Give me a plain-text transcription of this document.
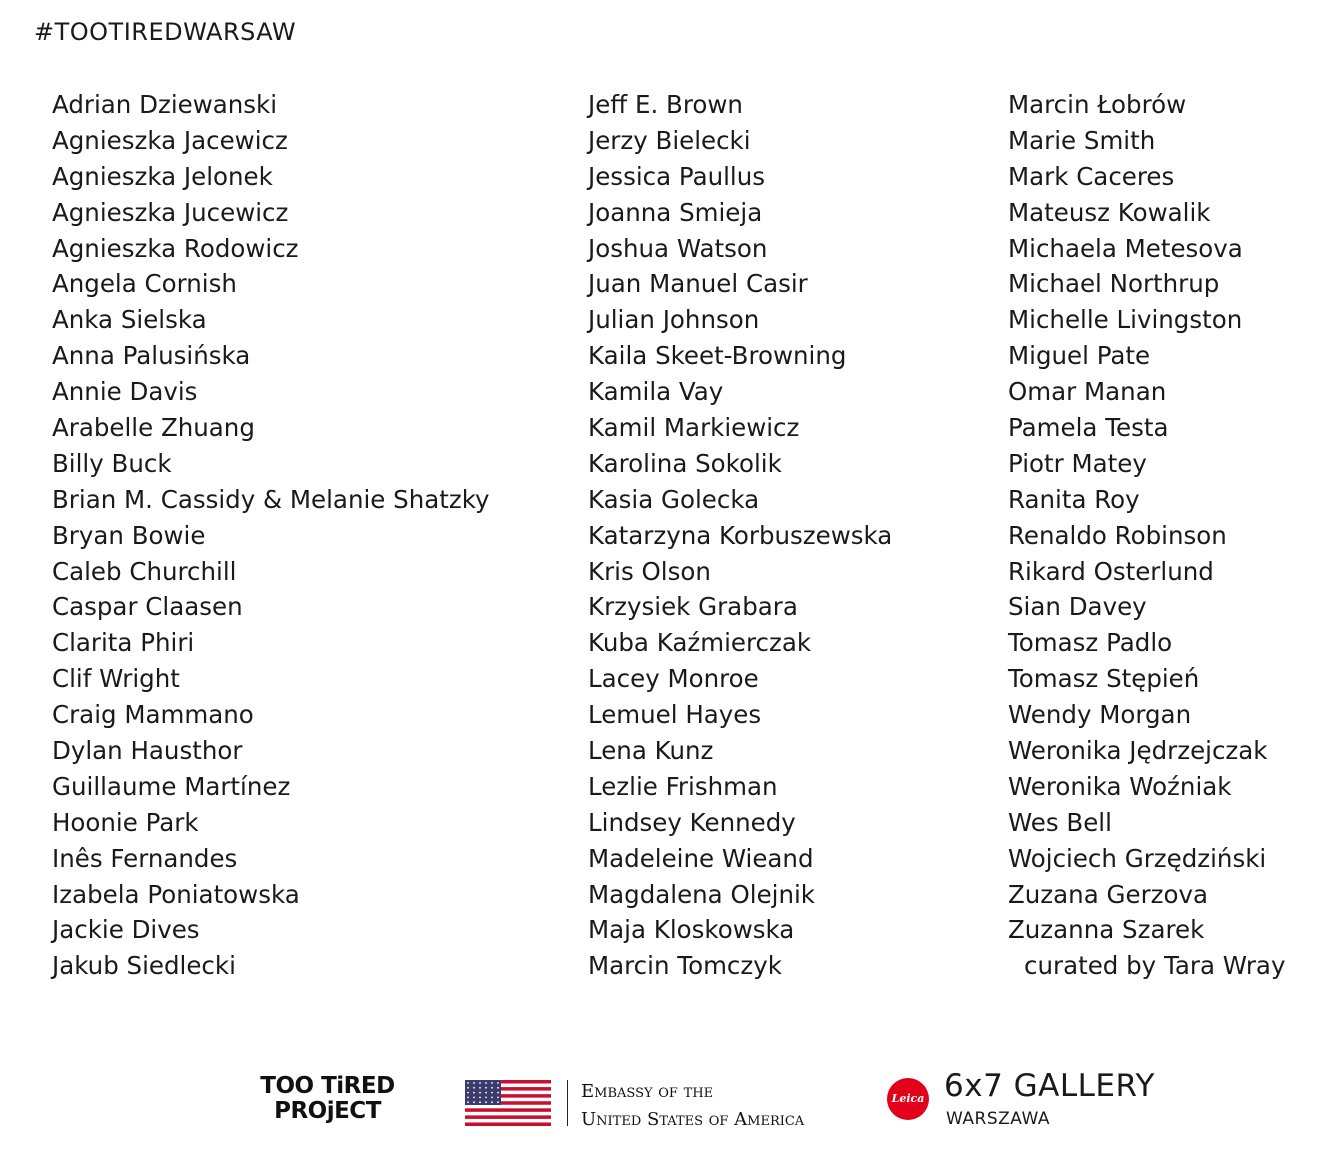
#TOOTIREDWARSAW
Adrian Dziewanski
Agnieszka Jacewicz
Agnieszka Jelonek
Agnieszka Jucewicz
Agnieszka Rodowicz
Angela Cornish
Anka Sielska
Anna Palusińska
Annie Davis
Arabelle Zhuang
Billy Buck
Brian M. Cassidy & Melanie Shatzky
Bryan Bowie
Caleb Churchill
Caspar Claasen
Clarita Phiri
Clif Wright
Craig Mammano
Dylan Hausthor
Guillaume Martínez
Hoonie Park
Inês Fernandes
Izabela Poniatowska
Jackie Dives
Jakub Siedlecki
Jeff E. Brown
Jerzy Bielecki
Jessica Paullus
Joanna Smieja
Joshua Watson
Juan Manuel Casir
Julian Johnson
Kaila Skeet-Browning
Kamila Vay
Kamil Markiewicz
Karolina Sokolik
Kasia Golecka
Katarzyna Korbuszewska
Kris Olson
Krzysiek Grabara
Kuba Kaźmierczak
Lacey Monroe
Lemuel Hayes
Lena Kunz
Lezlie Frishman
Lindsey Kennedy
Madeleine Wieand
Magdalena Olejnik
Maja Kloskowska
Marcin Tomczyk
Marcin Łobrów
Marie Smith
Mark Caceres
Mateusz Kowalik
Michaela Metesova
Michael Northrup
Michelle Livingston
Miguel Pate
Omar Manan
Pamela Testa
Piotr Matey
Ranita Roy
Renaldo Robinson
Rikard Osterlund
Sian Davey
Tomasz Padlo
Tomasz Stępień
Wendy Morgan
Weronika Jędrzejczak
Weronika Woźniak
Wes Bell
Wojciech Grzędziński
Zuzana Gerzova
Zuzanna Szarek
curated by Tara Wray
TOO TiRED
PROjECT
Embassy of the
United States of America
Leica 6x7 GALLERY
WARSZAWA
